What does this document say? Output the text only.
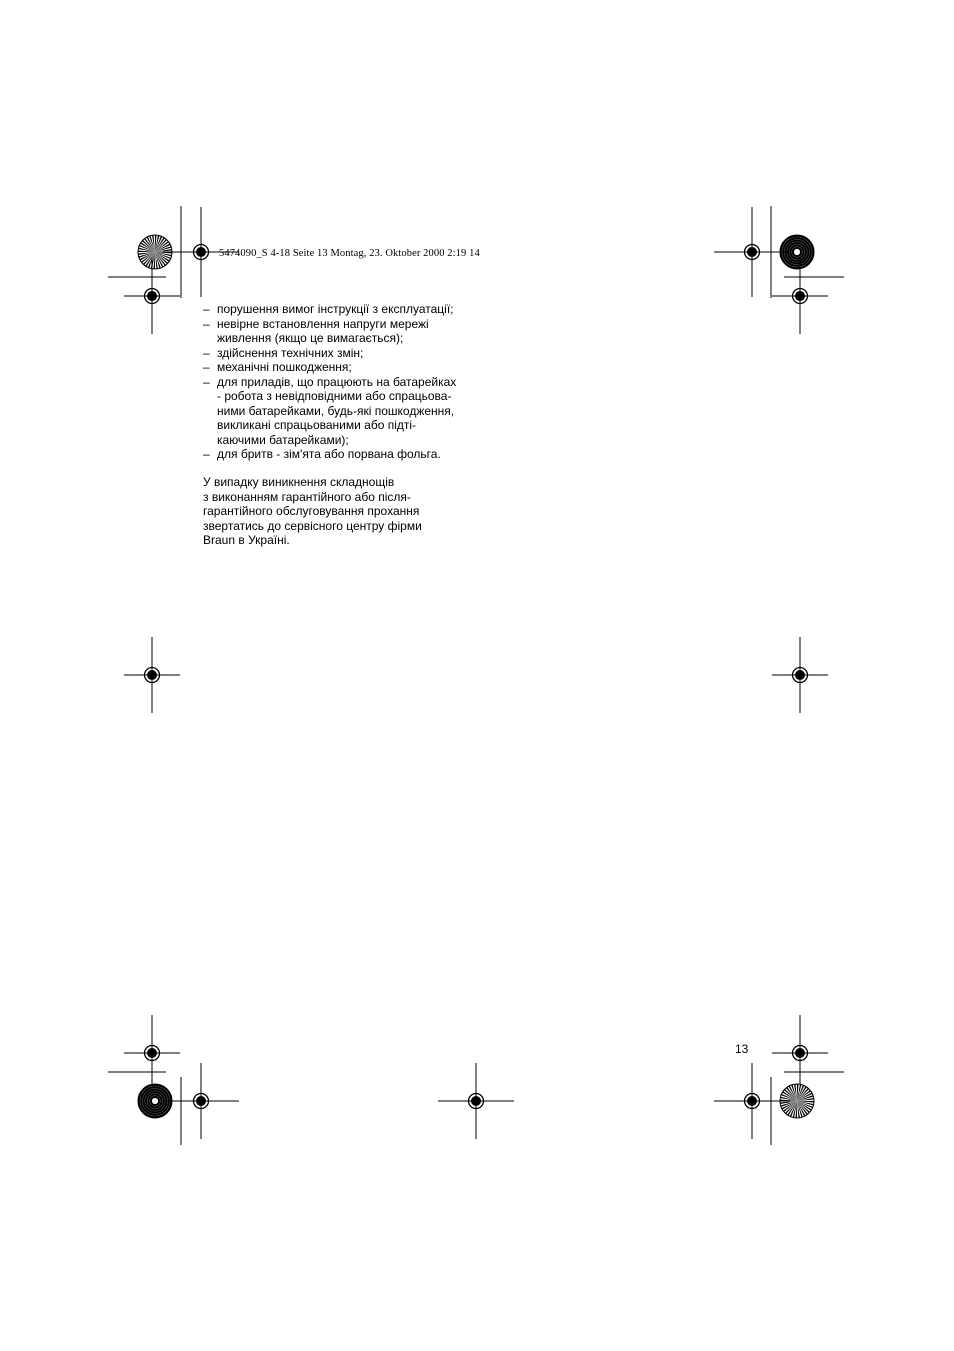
5474090_S 4-18 Seite 13 Montag, 23. Oktober 2000 2:19 14
– порушення вимог інструкції з експлуатації;
– невірне встановлення напруги мережі
живлення (якщо це вимагається);
– здійснення технічних змін;
– механічні пошкодження;
– для приладів, що працюють на батарейках
- робота з невідповідними або спрацьова-
ними батарейками, будь-які пошкодження,
викликані спрацьованими або підті-
каючими батарейками);
– для бритв - зім'ята або порвана фольга.

У випадку виникнення складнощів
з виконанням гарантійного або після-
гарантійного обслуговування прохання
звертатись до сервісного центру фірми
Braun в Україні.

13
